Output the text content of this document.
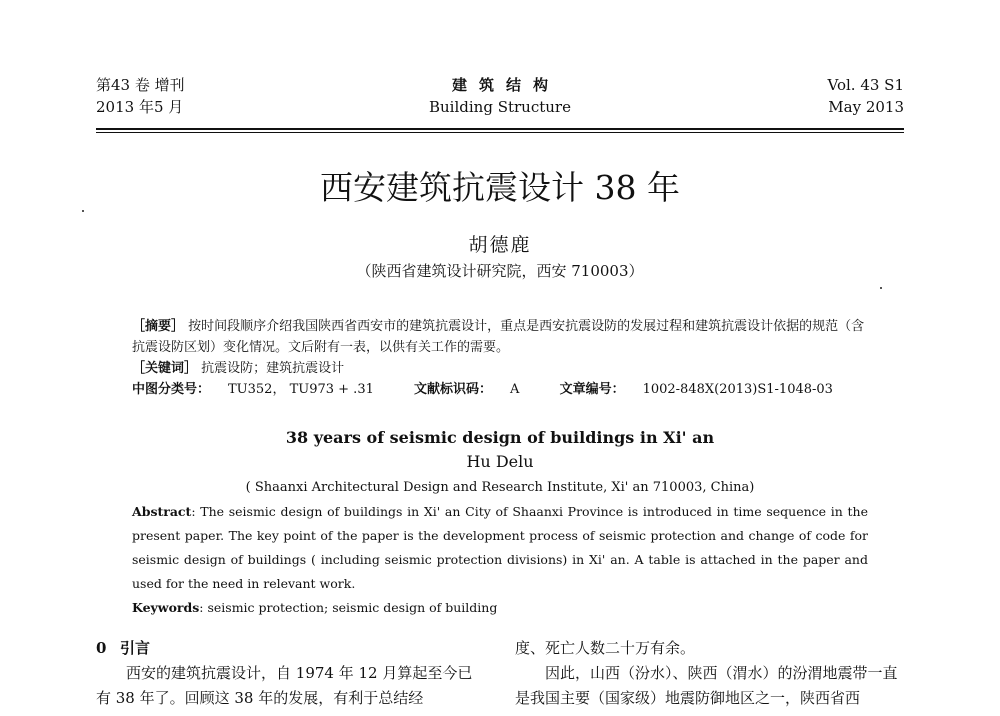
第43 卷 增刊
2013 年5 月
建筑结构
Building Structure
Vol. 43 S1
May 2013
西安建筑抗震设计 38 年
胡德鹿
（陕西省建筑设计研究院，西安 710003）

［摘要］ 按时间段顺序介绍我国陕西省西安市的建筑抗震设计，重点是西安抗震设防的发展过程和建筑抗震设计依据的规范（含抗震设防区划）变化情况。文后附有一表，以供有关工作的需要。

［关键词］ 抗震设防；建筑抗震设计

中图分类号： TU352， TU973 + .31	文献标识码： A	文章编号： 1002-848X(2013)S1-1048-03

38 years of seismic design of buildings in Xi' an
Hu Delu
( Shaanxi Architectural Design and Research Institute, Xi' an 710003, China)

Abstract: The seismic design of buildings in Xi' an City of Shaanxi Province is introduced in time sequence in the present paper. The key point of the paper is the development process of seismic protection and change of code for seismic design of buildings ( including seismic protection divisions) in Xi' an. A table is attached in the paper and used for the need in relevant work.

Keywords: seismic protection; seismic design of building

0 引言

西安的建筑抗震设计，自 1974 年 12 月算起至今已有 38 年了。回顾这 38 年的发展，有利于总结经

度、死亡人数二十万有余。

因此，山西（汾水）、陕西（渭水）的汾渭地震带一直是我国主要（国家级）地震防御地区之一，陕西省西
